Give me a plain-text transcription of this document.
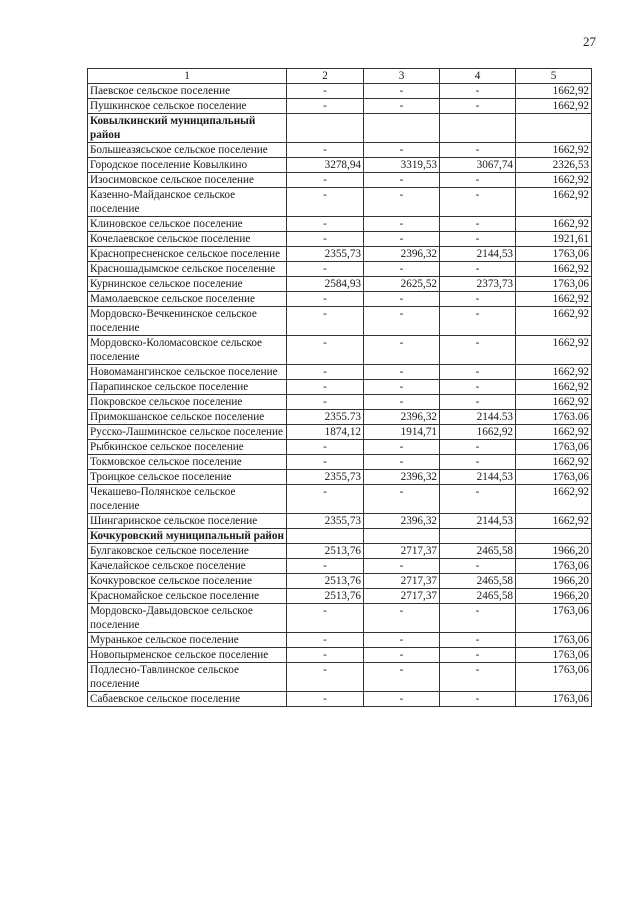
27
1	2	3	4	5
Паевское сельское поселение	-	-	-	1662,92
Пушкинское сельское поселение	-	-	-	1662,92
Ковылкинский муниципальный район				
Большеазясьское сельское поселение	-	-	-	1662,92
Городское поселение Ковылкино	3278,94	3319,53	3067,74	2326,53
Изосимовское сельское поселение	-	-	-	1662,92
Казенно-Майданское сельское поселение	-	-	-	1662,92
Клиновское сельское поселение	-	-	-	1662,92
Кочелаевское сельское поселение	-	-	-	1921,61
Краснопресненское сельское поселение	2355,73	2396,32	2144,53	1763,06
Красношадымское сельское поселение	-	-	-	1662,92
Курнинское сельское поселение	2584,93	2625,52	2373,73	1763,06
Мамолаевское сельское поселение	-	-	-	1662,92
Мордовско-Вечкенинское сельское поселение	-	-	-	1662,92
Мордовско-Коломасовское сельское поселение	-	-	-	1662,92
Новомамангинское сельское поселение	-	-	-	1662,92
Парапинское сельское поселение	-	-	-	1662,92
Покровское сельское поселение	-	-	-	1662,92
Примокшанское сельское поселение	2355.73	2396,32	2144.53	1763.06
Русско-Лашминское сельское поселение	1874,12	1914,71	1662,92	1662,92
Рыбкинское сельское поселение	-	-	-	1763,06
Токмовское сельское поселение	-	-	-	1662,92
Троицкое сельское поселение	2355,73	2396,32	2144,53	1763,06
Чекашево-Полянское сельское поселение	-	-	-	1662,92
Шингаринское сельское поселение	2355,73	2396,32	2144,53	1662,92
Кочкуровский муниципальный район				
Булгаковское сельское поселение	2513,76	2717,37	2465,58	1966,20
Качелайское сельское поселение	-	-	-	1763,06
Кочкуровское сельское поселение	2513,76	2717,37	2465,58	1966,20
Красномайское сельское поселение	2513,76	2717,37	2465,58	1966,20
Мордовско-Давыдовское сельское поселение	-	-	-	1763,06
Муранькое сельское поселение	-	-	-	1763,06
Новопырменское сельское поселение	-	-	-	1763,06
Подлесно-Тавлинское сельское поселение	-	-	-	1763,06
Сабаевское сельское поселение	-	-	-	1763,06
